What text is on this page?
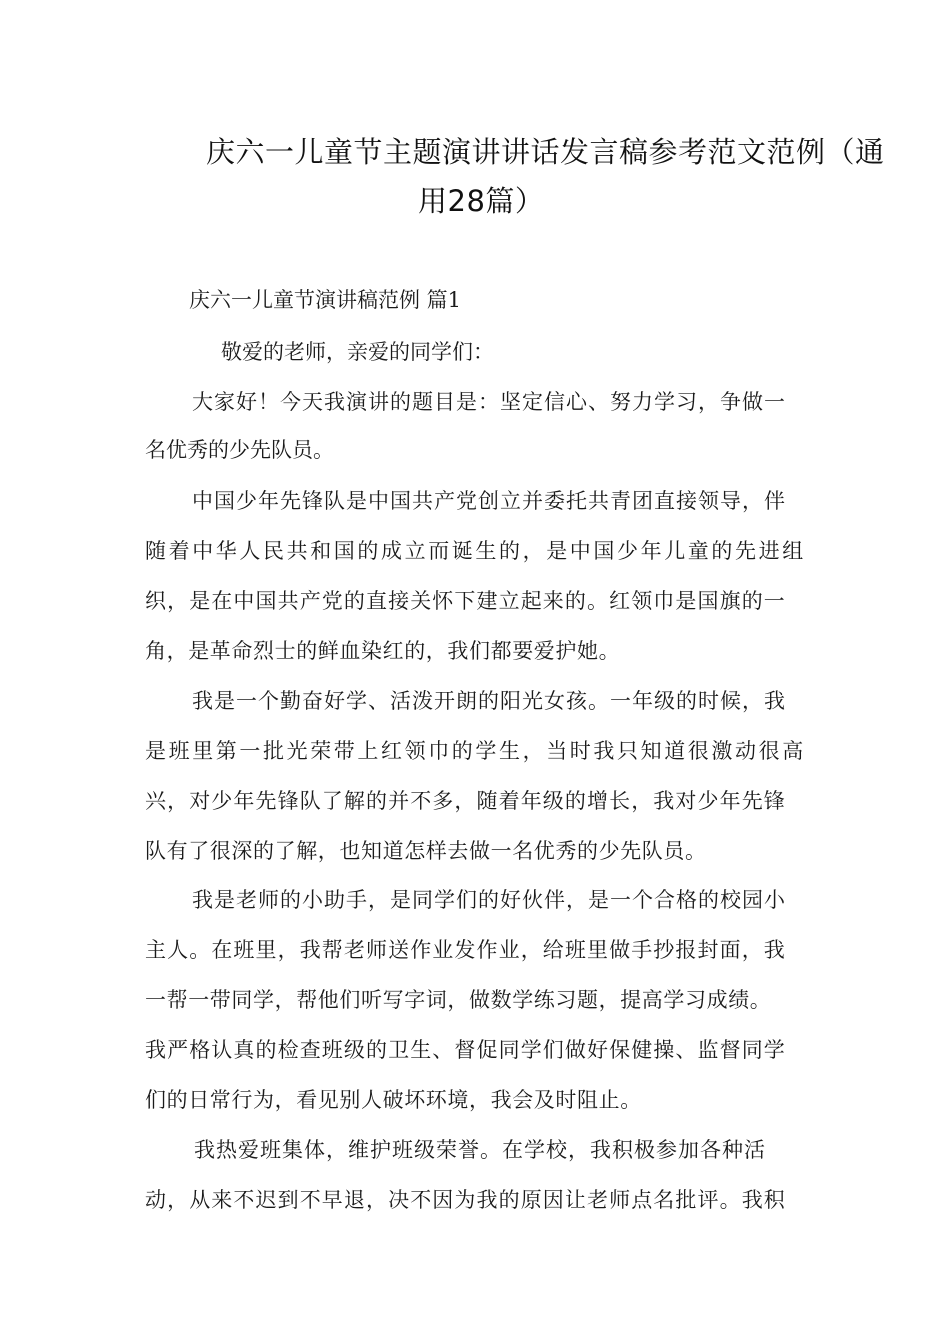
庆六一儿童节主题演讲讲话发言稿参考范文范例（通
用28篇）
庆六一儿童节演讲稿范例 篇1
敬爱的老师，亲爱的同学们：
大家好！今天我演讲的题目是：坚定信心、努力学习，争做一
名优秀的少先队员。
中国少年先锋队是中国共产党创立并委托共青团直接领导，伴
随着中华人民共和国的成立而诞生的，是中国少年儿童的先进组
织，是在中国共产党的直接关怀下建立起来的。红领巾是国旗的一
角，是革命烈士的鲜血染红的，我们都要爱护她。
我是一个勤奋好学、活泼开朗的阳光女孩。一年级的时候，我
是班里第一批光荣带上红领巾的学生，当时我只知道很激动很高
兴，对少年先锋队了解的并不多，随着年级的增长，我对少年先锋
队有了很深的了解，也知道怎样去做一名优秀的少先队员。
我是老师的小助手，是同学们的好伙伴，是一个合格的校园小
主人。在班里，我帮老师送作业发作业，给班里做手抄报封面，我
一帮一带同学，帮他们听写字词，做数学练习题，提高学习成绩。
我严格认真的检查班级的卫生、督促同学们做好保健操、监督同学
们的日常行为，看见别人破坏环境，我会及时阻止。
我热爱班集体，维护班级荣誉。在学校，我积极参加各种活
动，从来不迟到不早退，决不因为我的原因让老师点名批评。我积
